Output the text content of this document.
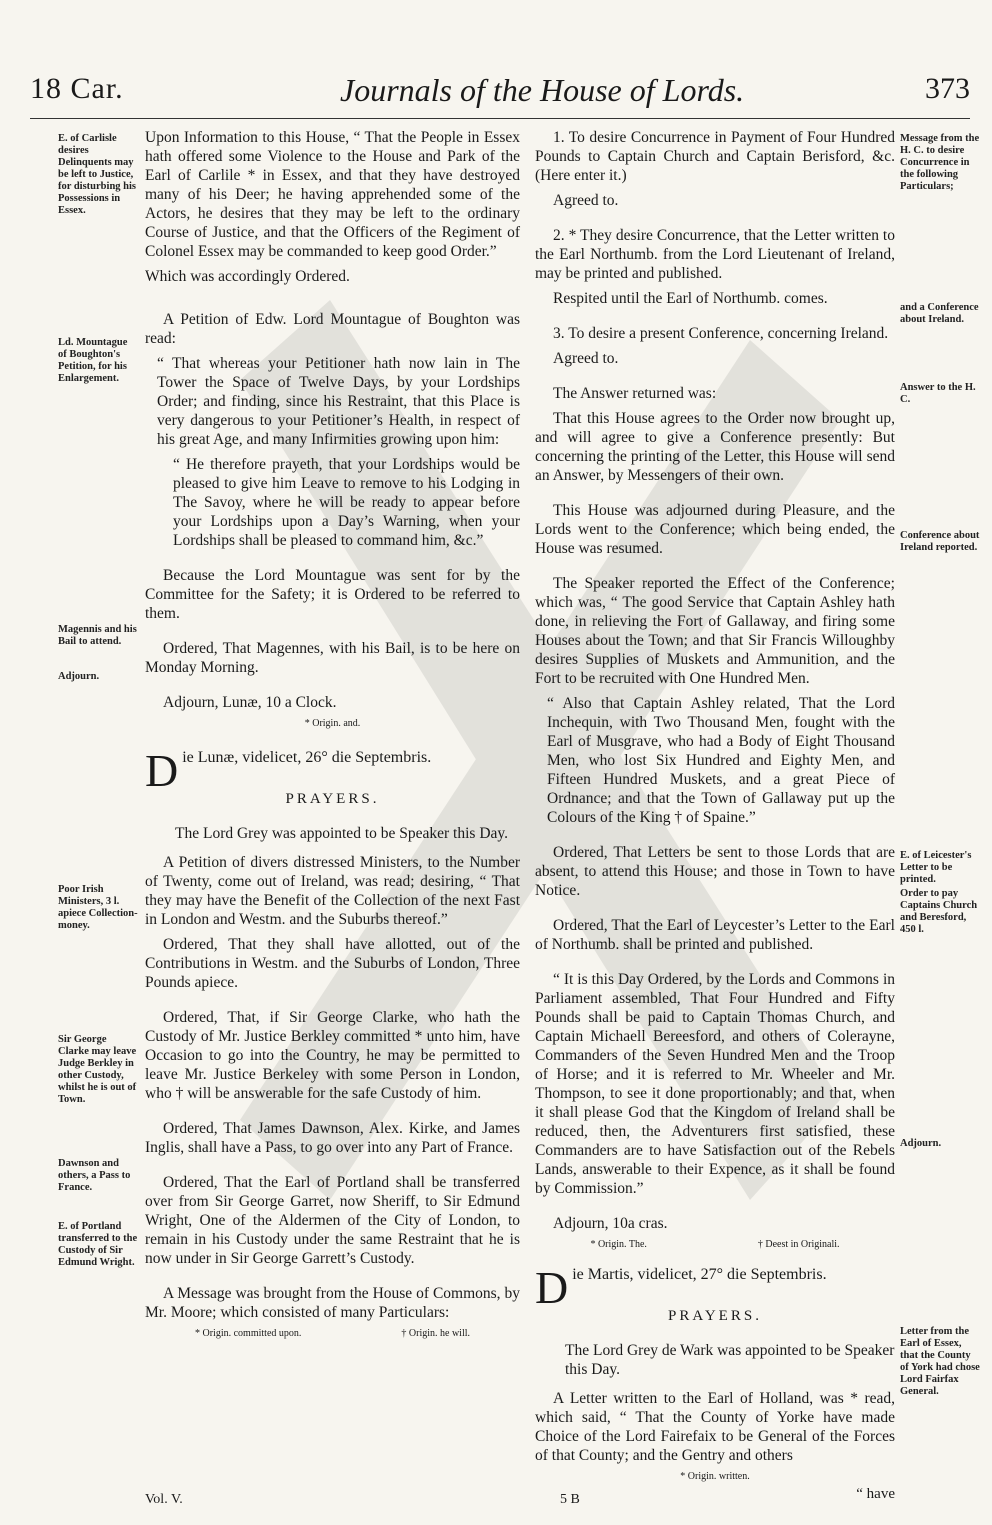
18 Car.	Journals of the House of Lords.	373
E. of Carlisle desires Delinquents may be left to Justice, for disturbing his Possessions in Essex.
Ld. Mountague of Boughton's Petition, for his Enlargement.
Magennis and his Bail to attend.
Adjourn.
Poor Irish Ministers, 3 l. apiece Collection-money.
Sir George Clarke may leave Judge Berkley in other Custody, whilst he is out of Town.
Dawnson and others, a Pass to France.
E. of Portland transferred to the Custody of Sir Edmund Wright.
Message from the H. C. to desire Concurrence in the following Particulars;
and a Conference about Ireland.
Answer to the H. C.
Conference about Ireland reported.
E. of Leicester's Letter to be printed.
Order to pay Captains Church and Beresford, 450 l.
Adjourn.
Letter from the Earl of Essex, that the County of York had chose Lord Fairfax General.

Upon Information to this House, “ That the People in Essex hath offered some Violence to the House and Park of the Earl of Carlile * in Essex, and that they have destroyed many of his Deer; he having apprehended some of the Actors, he desires that they may be left to the ordinary Course of Justice, and that the Officers of the Regiment of Colonel Essex may be commanded to keep good Order.”

Which was accordingly Ordered.

A Petition of Edw. Lord Mountague of Boughton was read:

“ That whereas your Petitioner hath now lain in The Tower the Space of Twelve Days, by your Lordships Order; and finding, since his Restraint, that this Place is very dangerous to your Petitioner’s Health, in respect of his great Age, and many Infirmities growing upon him:

“ He therefore prayeth, that your Lordships would be pleased to give him Leave to remove to his Lodging in The Savoy, where he will be ready to appear before your Lordships upon a Day’s Warning, when your Lordships shall be pleased to command him, &c.”

Because the Lord Mountague was sent for by the Committee for the Safety; it is Ordered to be referred to them.

Ordered, That Magennes, with his Bail, is to be here on Monday Morning.

Adjourn, Lunæ, 10 a Clock.

* Origin. and.
D ie Lunæ, videlicet, 26° die Septembris.
PRAYERS.

The Lord Grey was appointed to be Speaker this Day.

A Petition of divers distressed Ministers, to the Number of Twenty, come out of Ireland, was read; desiring, “ That they may have the Benefit of the Collection of the next Fast in London and Westm. and the Suburbs thereof.”

Ordered, That they shall have allotted, out of the Contributions in Westm. and the Suburbs of London, Three Pounds apiece.

Ordered, That, if Sir George Clarke, who hath the Custody of Mr. Justice Berkley committed * unto him, have Occasion to go into the Country, he may be permitted to leave Mr. Justice Berkeley with some Person in London, who † will be answerable for the safe Custody of him.

Ordered, That James Dawnson, Alex. Kirke, and James Inglis, shall have a Pass, to go over into any Part of France.

Ordered, That the Earl of Portland shall be transferred over from Sir George Garret, now Sheriff, to Sir Edmund Wright, One of the Aldermen of the City of London, to remain in his Custody under the same Restraint that he is now under in Sir George Garrett’s Custody.

A Message was brought from the House of Commons, by Mr. Moore; which consisted of many Particulars:

* Origin. committed upon.	† Origin. he will.

1. To desire Concurrence in Payment of Four Hundred Pounds to Captain Church and Captain Berisford, &c. (Here enter it.)

Agreed to.

2. * They desire Concurrence, that the Letter written to the Earl Northumb. from the Lord Lieutenant of Ireland, may be printed and published.

Respited until the Earl of Northumb. comes.

3. To desire a present Conference, concerning Ireland.

Agreed to.

The Answer returned was:

That this House agrees to the Order now brought up, and will agree to give a Conference presently: But concerning the printing of the Letter, this House will send an Answer, by Messengers of their own.

This House was adjourned during Pleasure, and the Lords went to the Conference; which being ended, the House was resumed.

The Speaker reported the Effect of the Conference; which was, “ The good Service that Captain Ashley hath done, in relieving the Fort of Gallaway, and firing some Houses about the Town; and that Sir Francis Willoughby desires Supplies of Muskets and Ammunition, and the Fort to be recruited with One Hundred Men.

“ Also that Captain Ashley related, That the Lord Inchequin, with Two Thousand Men, fought with the Earl of Musgrave, who had a Body of Eight Thousand Men, who lost Six Hundred and Eighty Men, and Fifteen Hundred Muskets, and a great Piece of Ordnance; and that the Town of Gallaway put up the Colours of the King † of Spaine.”

Ordered, That Letters be sent to those Lords that are absent, to attend this House; and those in Town to have Notice.

Ordered, That the Earl of Leycester’s Letter to the Earl of Northumb. shall be printed and published.

“ It is this Day Ordered, by the Lords and Commons in Parliament assembled, That Four Hundred and Fifty Pounds shall be paid to Captain Thomas Church, and Captain Michaell Bereesford, and others of Colerayne, Commanders of the Seven Hundred Men and the Troop of Horse; and it is referred to Mr. Wheeler and Mr. Thompson, to see it done proportionably; and that, when it shall please God that the Kingdom of Ireland shall be reduced, then, the Adventurers first satisfied, these Commanders are to have Satisfaction out of the Rebels Lands, answerable to their Expence, as it shall be found by Commission.”

Adjourn, 10a cras.

* Origin. The.	† Deest in Originali.
D ie Martis, videlicet, 27° die Septembris.
PRAYERS.

The Lord Grey de Wark was appointed to be Speaker this Day.

A Letter written to the Earl of Holland, was * read, which said, “ That the County of Yorke have made Choice of the Lord Fairefaix to be General of the Forces of that County; and the Gentry and others

* Origin. written.
“ have
Vol. V.	5 B
